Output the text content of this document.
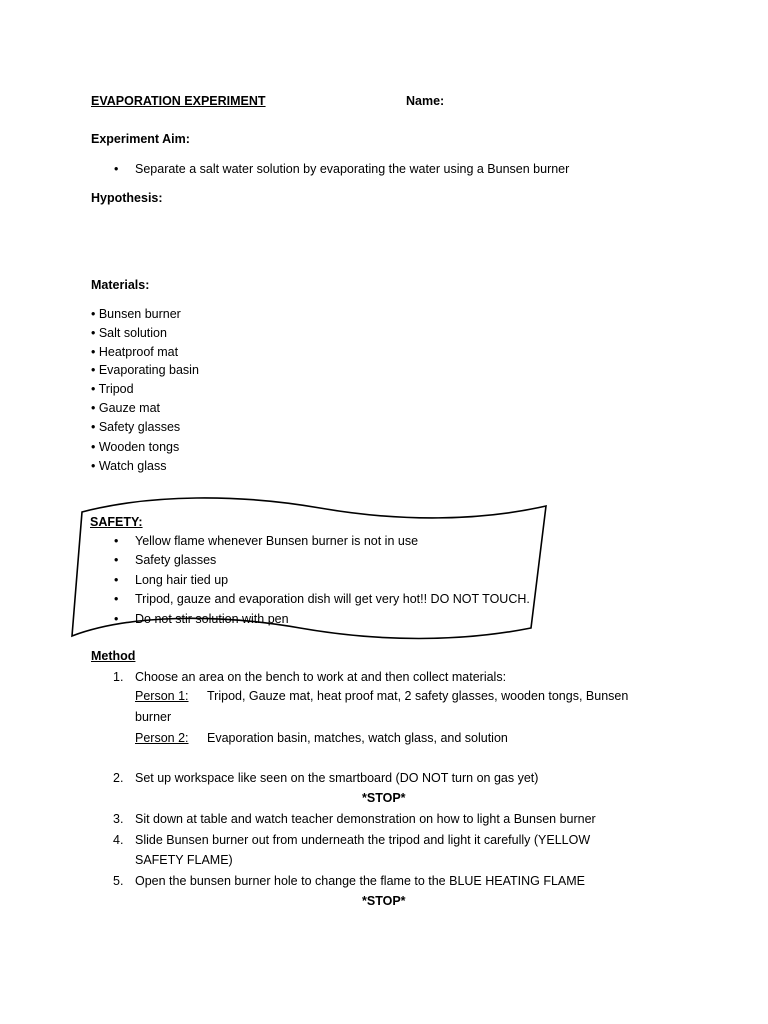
EVAPORATION EXPERIMENT	Name:
Experiment Aim:
• Separate a salt water solution by evaporating the water using a Bunsen burner
Hypothesis:
Materials:
• Bunsen burner
• Salt solution
• Heatproof mat
• Evaporating basin
• Tripod
• Gauze mat
• Safety glasses
• Wooden tongs
• Watch glass
SAFETY:
• Yellow flame whenever Bunsen burner is not in use
• Safety glasses
• Long hair tied up
• Tripod, gauze and evaporation dish will get very hot!! DO NOT TOUCH.
• Do not stir solution with pen
Method
1. Choose an area on the bench to work at and then collect materials:
Person 1: Tripod, Gauze mat, heat proof mat, 2 safety glasses, wooden tongs, Bunsen
burner
Person 2: Evaporation basin, matches, watch glass, and solution
2. Set up workspace like seen on the smartboard (DO NOT turn on gas yet)
*STOP*
3. Sit down at table and watch teacher demonstration on how to light a Bunsen burner
4. Slide Bunsen burner out from underneath the tripod and light it carefully (YELLOW
SAFETY FLAME)
5. Open the bunsen burner hole to change the flame to the BLUE HEATING FLAME
*STOP*
